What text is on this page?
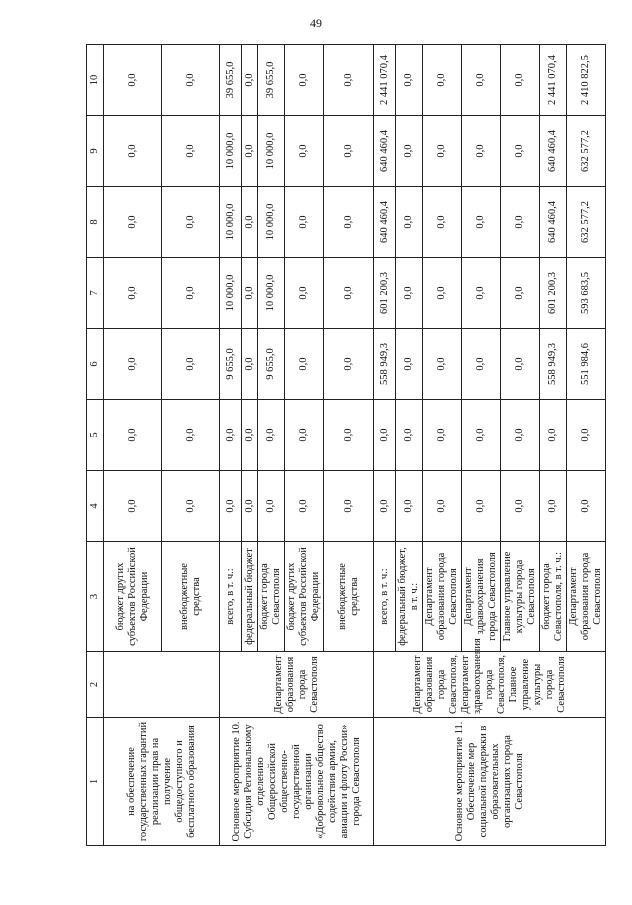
49
1	2	3	4	5	6	7	8	9	10
на обеспечение государственных гарантий реализации прав на получение общедоступного и бесплатного образования		бюджет других субъектов Российской Федерации	0,0	0,0	0,0	0,0	0,0	0,0	0,0
		внебюджетные средства	0,0	0,0	0,0	0,0	0,0	0,0	0,0
Основное мероприятие 10. Субсидия Региональному отделению Общероссийской общественно-государственной организации «Добровольное общество содействия армии, авиации и флоту России» города Севастополя	Департамент образования города Севастополя	всего, в т. ч.:	0,0	0,0	9 655,0	10 000,0	10 000,0	10 000,0	39 655,0
		федеральный бюджет	0,0	0,0	0,0	0,0	0,0	0,0	0,0
		бюджет города Севастополя	0,0	0,0	9 655,0	10 000,0	10 000,0	10 000,0	39 655,0
		бюджет других субъектов Российской Федерации	0,0	0,0	0,0	0,0	0,0	0,0	0,0
		внебюджетные средства	0,0	0,0	0,0	0,0	0,0	0,0	0,0
Основное мероприятие 11. Обеспечение мер социальной поддержки в образовательных организациях города Севастополя	Департамент образования города Севастополя, Департамент здравоохранения города Севастополя, Главное управление культуры города Севастополя	всего, в т. ч.:	0,0	0,0	558 949,3	601 200,3	640 460,4	640 460,4	2 441 070,4
		федеральный бюджет, в т. ч.:	0,0	0,0	0,0	0,0	0,0	0,0	0,0
		Департамент образования города Севастополя	0,0	0,0	0,0	0,0	0,0	0,0	0,0
		Департамент здравоохранения города Севастополя	0,0	0,0	0,0	0,0	0,0	0,0	0,0
		Главное управление культуры города Севастополя	0,0	0,0	0,0	0,0	0,0	0,0	0,0
		бюджет города Севастополя, в т. ч.:	0,0	0,0	558 949,3	601 200,3	640 460,4	640 460,4	2 441 070,4
		Департамент образования города Севастополя	0,0	0,0	551 984,6	593 683,5	632 577,2	632 577,2	2 410 822,5
